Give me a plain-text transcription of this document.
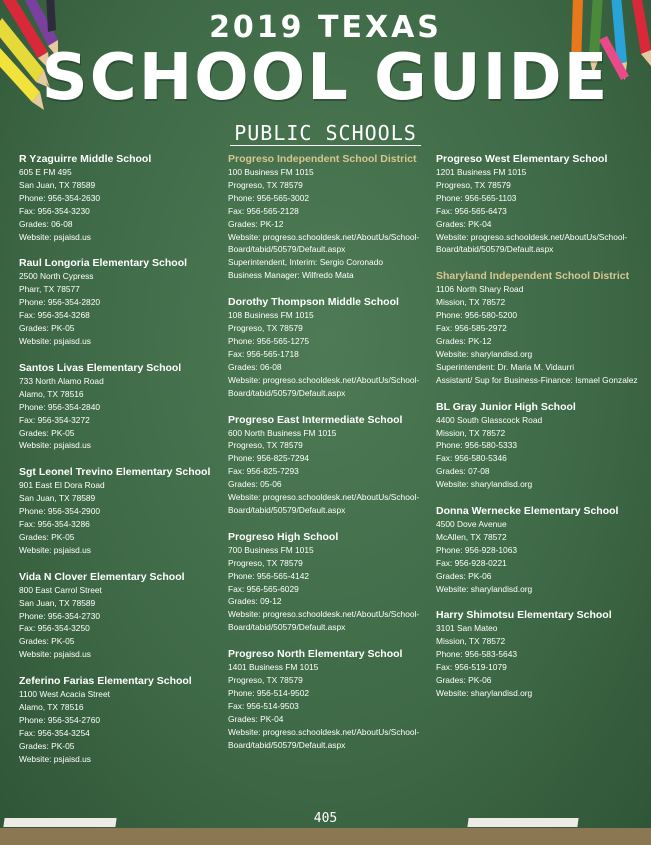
2019 TEXAS
SCHOOL GUIDE
PUBLIC SCHOOLS
R Yzaguirre Middle School
605 E FM 495
San Juan, TX 78589
Phone: 956-354-2630
Fax: 956-354-3230
Grades: 06-08
Website: psjaisd.us
Raul Longoria Elementary School
2500 North Cypress
Pharr, TX 78577
Phone: 956-354-2820
Fax: 956-354-3268
Grades: PK-05
Website: psjaisd.us
Santos Livas Elementary School
733 North Alamo Road
Alamo, TX 78516
Phone: 956-354-2840
Fax: 956-354-3272
Grades: PK-05
Website: psjaisd.us
Sgt Leonel Trevino Elementary School
901 East El Dora Road
San Juan, TX 78589
Phone: 956-354-2900
Fax: 956-354-3286
Grades: PK-05
Website: psjaisd.us
Vida N Clover Elementary School
800 East Carrol Street
San Juan, TX 78589
Phone: 956-354-2730
Fax: 956-354-3250
Grades: PK-05
Website: psjaisd.us
Zeferino Farias Elementary School
1100 West Acacia Street
Alamo, TX 78516
Phone: 956-354-2760
Fax: 956-354-3254
Grades: PK-05
Website: psjaisd.us
Progreso Independent School District
100 Business FM 1015
Progreso, TX 78579
Phone: 956-565-3002
Fax: 956-565-2128
Grades: PK-12
Website: progreso.schooldesk.net/AboutUs/School-
Board/tabid/50579/Default.aspx
Superintendent, Interim: Sergio Coronado
Business Manager: Wilfredo Mata
Dorothy Thompson Middle School
108 Business FM 1015
Progreso, TX 78579
Phone: 956-565-1275
Fax: 956-565-1718
Grades: 06-08
Website: progreso.schooldesk.net/AboutUs/School-
Board/tabid/50579/Default.aspx
Progreso East Intermediate School
600 North Business FM 1015
Progreso, TX 78579
Phone: 956-825-7294
Fax: 956-825-7293
Grades: 05-06
Website: progreso.schooldesk.net/AboutUs/School-
Board/tabid/50579/Default.aspx
Progreso High School
700 Business FM 1015
Progreso, TX 78579
Phone: 956-565-4142
Fax: 956-565-6029
Grades: 09-12
Website: progreso.schooldesk.net/AboutUs/School-
Board/tabid/50579/Default.aspx
Progreso North Elementary School
1401 Business FM 1015
Progreso, TX 78579
Phone: 956-514-9502
Fax: 956-514-9503
Grades: PK-04
Website: progreso.schooldesk.net/AboutUs/School-
Board/tabid/50579/Default.aspx
Progreso West Elementary School
1201 Business FM 1015
Progreso, TX 78579
Phone: 956-565-1103
Fax: 956-565-6473
Grades: PK-04
Website: progreso.schooldesk.net/AboutUs/School-
Board/tabid/50579/Default.aspx
Sharyland Independent School District
1106 North Shary Road
Mission, TX 78572
Phone: 956-580-5200
Fax: 956-585-2972
Grades: PK-12
Website: sharylandisd.org
Superintendent: Dr. Maria M. Vidaurri
Assistant/ Sup for Business-Finance: Ismael Gonzalez
BL Gray Junior High School
4400 South Glasscock Road
Mission, TX 78572
Phone: 956-580-5333
Fax: 956-580-5346
Grades: 07-08
Website: sharylandisd.org
Donna Wernecke Elementary School
4500 Dove Avenue
McAllen, TX 78572
Phone: 956-928-1063
Fax: 956-928-0221
Grades: PK-06
Website: sharylandisd.org
Harry Shimotsu Elementary School
3101 San Mateo
Mission, TX 78572
Phone: 956-583-5643
Fax: 956-519-1079
Grades: PK-06
Website: sharylandisd.org
405
